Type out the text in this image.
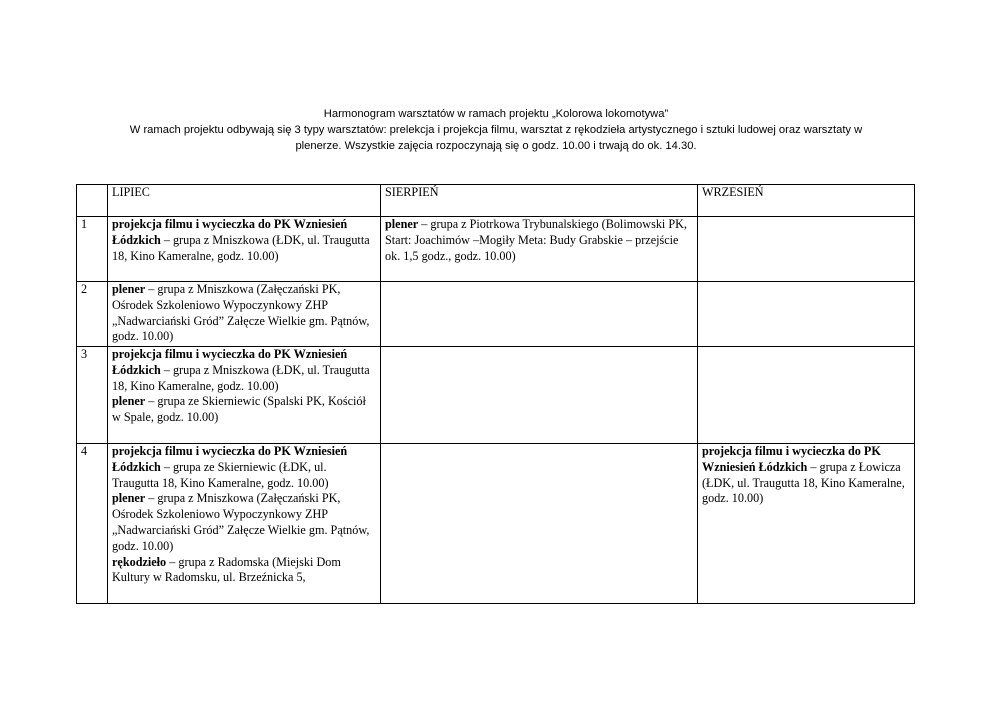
Harmonogram warsztatów w ramach projektu „Kolorowa lokomotywa”
W ramach projektu odbywają się 3 typy warsztatów: prelekcja i projekcja filmu, warsztat z rękodzieła artystycznego i sztuki ludowej oraz warsztaty w
plenerze. Wszystkie zajęcia rozpoczynają się o godz. 10.00 i trwają do ok. 14.30.
	LIPIEC	SIERPIEŃ	WRZESIEŃ
1	projekcja filmu i wycieczka do PK Wzniesień Łódzkich – grupa z Mniszkowa (ŁDK, ul. Traugutta 18, Kino Kameralne, godz. 10.00)	plener – grupa z Piotrkowa Trybunalskiego (Bolimowski PK, Start: Joachimów –Mogiły Meta: Budy Grabskie – przejście ok. 1,5 godz., godz. 10.00)	

2	plener – grupa z Mniszkowa (Załęczański PK, Ośrodek Szkoleniowo Wypoczynkowy ZHP „Nadwarciański Gród” Załęcze Wielkie gm. Pątnów, godz. 10.00)		

3	projekcja filmu i wycieczka do PK Wzniesień Łódzkich – grupa z Mniszkowa (ŁDK, ul. Traugutta 18, Kino Kameralne, godz. 10.00)
plener – grupa ze Skierniewic (Spalski PK, Kościół w Spale, godz. 10.00)		

4	projekcja filmu i wycieczka do PK Wzniesień Łódzkich – grupa ze Skierniewic (ŁDK, ul. Traugutta 18, Kino Kameralne, godz. 10.00)
plener – grupa z Mniszkowa (Załęczański PK, Ośrodek Szkoleniowo Wypoczynkowy ZHP „Nadwarciański Gród” Załęcze Wielkie gm. Pątnów, godz. 10.00)
rękodzieło – grupa z Radomska (Miejski Dom Kultury w Radomsku, ul. Brzeźnicka 5,		projekcja filmu i wycieczka do PK Wzniesień Łódzkich – grupa z Łowicza (ŁDK, ul. Traugutta 18, Kino Kameralne, godz. 10.00)
